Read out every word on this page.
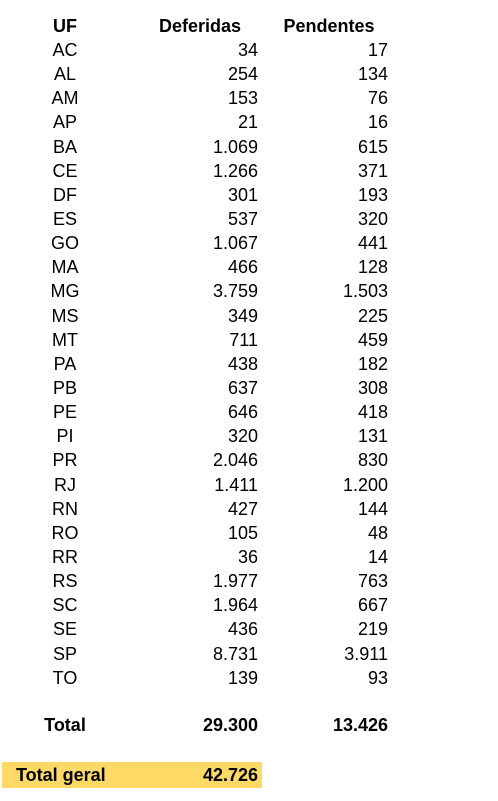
UF	Deferidas	Pendentes
AC	34	17
AL	254	134
AM	153	76
AP	21	16
BA	1.069	615
CE	1.266	371
DF	301	193
ES	537	320
GO	1.067	441
MA	466	128
MG	3.759	1.503
MS	349	225
MT	711	459
PA	438	182
PB	637	308
PE	646	418
PI	320	131
PR	2.046	830
RJ	1.411	1.200
RN	427	144
RO	105	48
RR	36	14
RS	1.977	763
SC	1.964	667
SE	436	219
SP	8.731	3.911
TO	139	93
Total	29.300	13.426
Total geral	42.726
